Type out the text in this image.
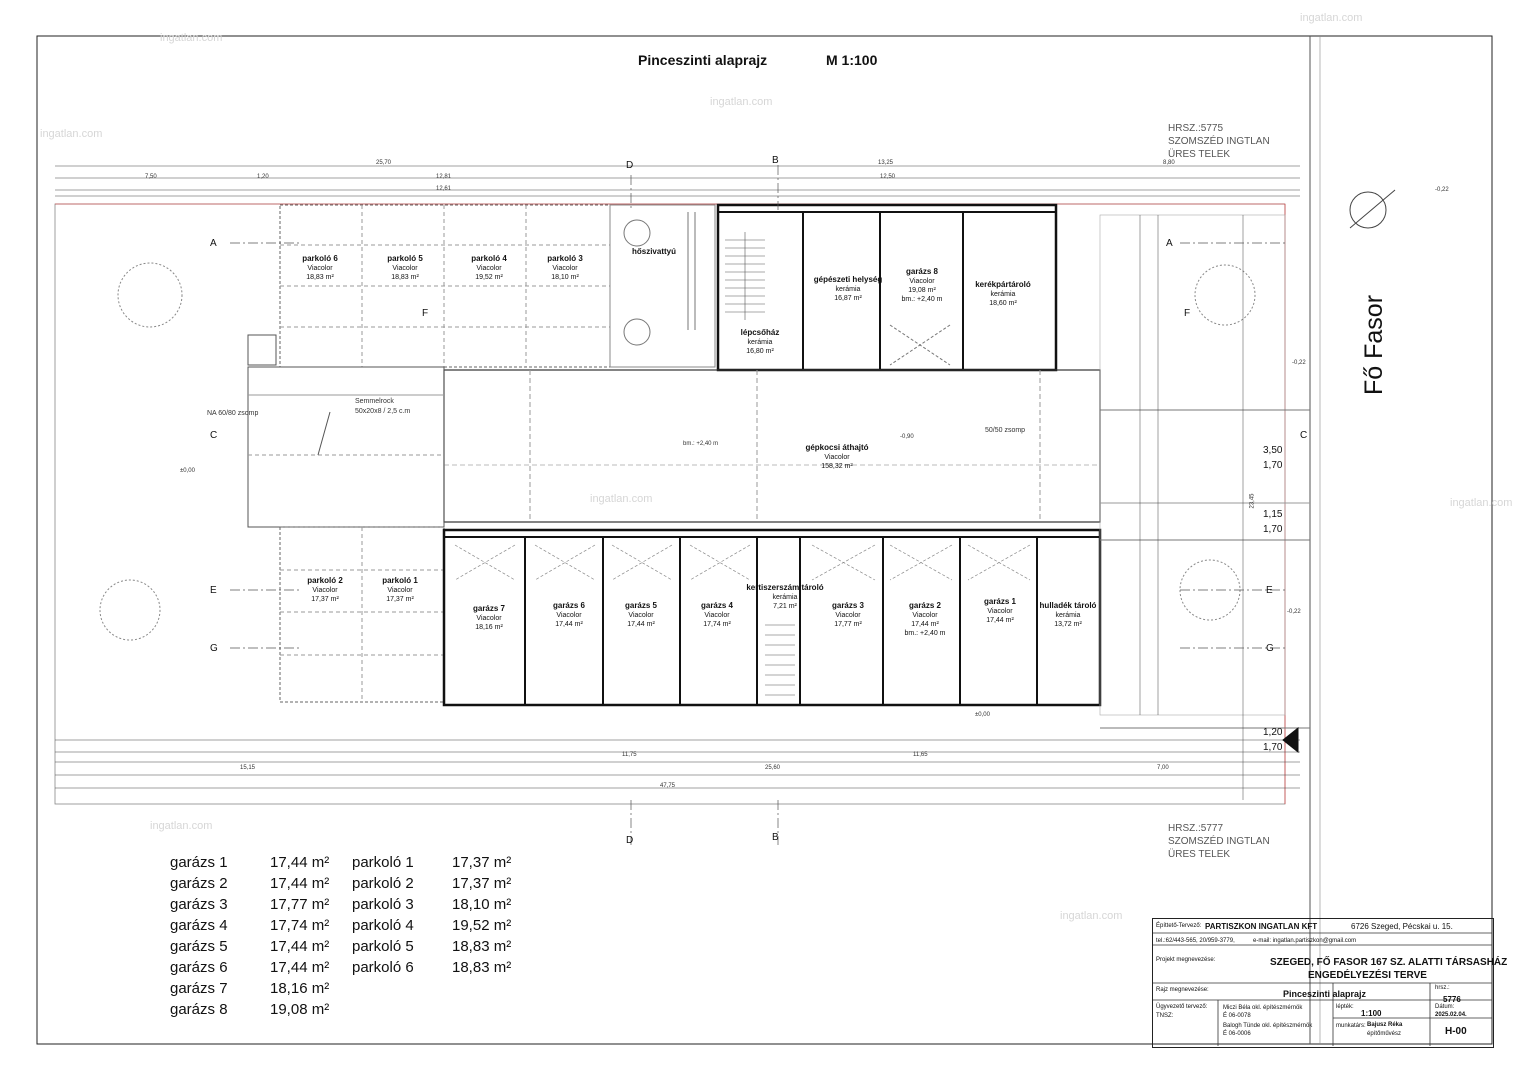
ingatlan.com
ingatlan.com
ingatlan.com
ingatlan.com
ingatlan.com	ingatlan.com
ingatlan.com
ingatlan.com
Pinceszinti alaprajz	M 1:100
Fő Fasor
HRSZ.:5775
SZOMSZÉD INGTLAN
ÜRES TELEK
HRSZ.:5777
SZOMSZÉD INGTLAN
ÜRES TELEK
parkoló 6
Viacolor
18,83 m²
parkoló 5
Viacolor
18,83 m²
parkoló 4
Viacolor
19,52 m²
parkoló 3
Viacolor
18,10 m²	gépészeti helység
kerámia
16,87 m²
garázs 8
Viacolor
19,08 m²
bm.: +2,40 m
kerékpártároló
kerámia
18,60 m²
lépcsőház
kerámia
16,80 m²
hőszivattyú
gépkocsi áthajtó
Viacolor
158,32 m²
parkoló 2
Viacolor
17,37 m²
parkoló 1
Viacolor
17,37 m²
garázs 7
Viacolor
18,16 m²
garázs 6
Viacolor
17,44 m²
garázs 5
Viacolor
17,44 m²
garázs 4
Viacolor
17,74 m²
kertiszerszám tároló
kerámia
7,21 m²	garázs 3
Viacolor
17,77 m²
garázs 2
Viacolor
17,44 m²
bm.: +2,40 m
garázs 1
Viacolor
17,44 m²
hulladék tároló
kerámia
13,72 m²
Semmelrock
50x20x8 / 2,5 c.m
NA 60/80 zsomp
50/50 zsomp
bm.: +2,40 m
±0,00
-0,90
-0,22
-0,22
-0,22
±0,00
25,70	13,25	8,80
7,50	1,20	12,81	12,50
12,61
15,15	25,60
11,75	11,65
7,00
47,75
23,45
3,50
1,70
1,15
1,70
1,20
1,70
A	A
B
B
C	C
D
D
E	E
F	F
G	G
garázs 1	17,44 m²	parkoló 1	17,37 m²
garázs 2	17,44 m²	parkoló 2	17,37 m²
garázs 3	17,77 m²	parkoló 3	18,10 m²
garázs 4	17,74 m²	parkoló 4	19,52 m²
garázs 5	17,44 m²	parkoló 5	18,83 m²
garázs 6	17,44 m²	parkoló 6	18,83 m²
garázs 7	18,16 m²
garázs 8	19,08 m²
Építtető-Tervező: PARTISZKON INGATLAN KFT	6726 Szeged, Pécskai u. 15.
tel.:62/443-565, 20/959-3779,	e-mail: ingatlan.partiszkon@gmail.com
Projekt megnevezése:	SZEGED, FŐ FASOR 167 SZ. ALATTI TÁRSASHÁZ
ENGEDÉLYEZÉSI TERVE
Rajz megnevezése:	Pinceszinti alaprajz
hrsz.:
5776
Ügyvezető tervező:
TNSZ:
Miczi Béla okl. építészmérnök
É 06-0078
Balogh Tünde okl. építészmérnök
É 06-0006
lépték:
1:100
Dátum:
2025.02.04.
munkatárs: Bajusz Réka
építőművész	H-00
